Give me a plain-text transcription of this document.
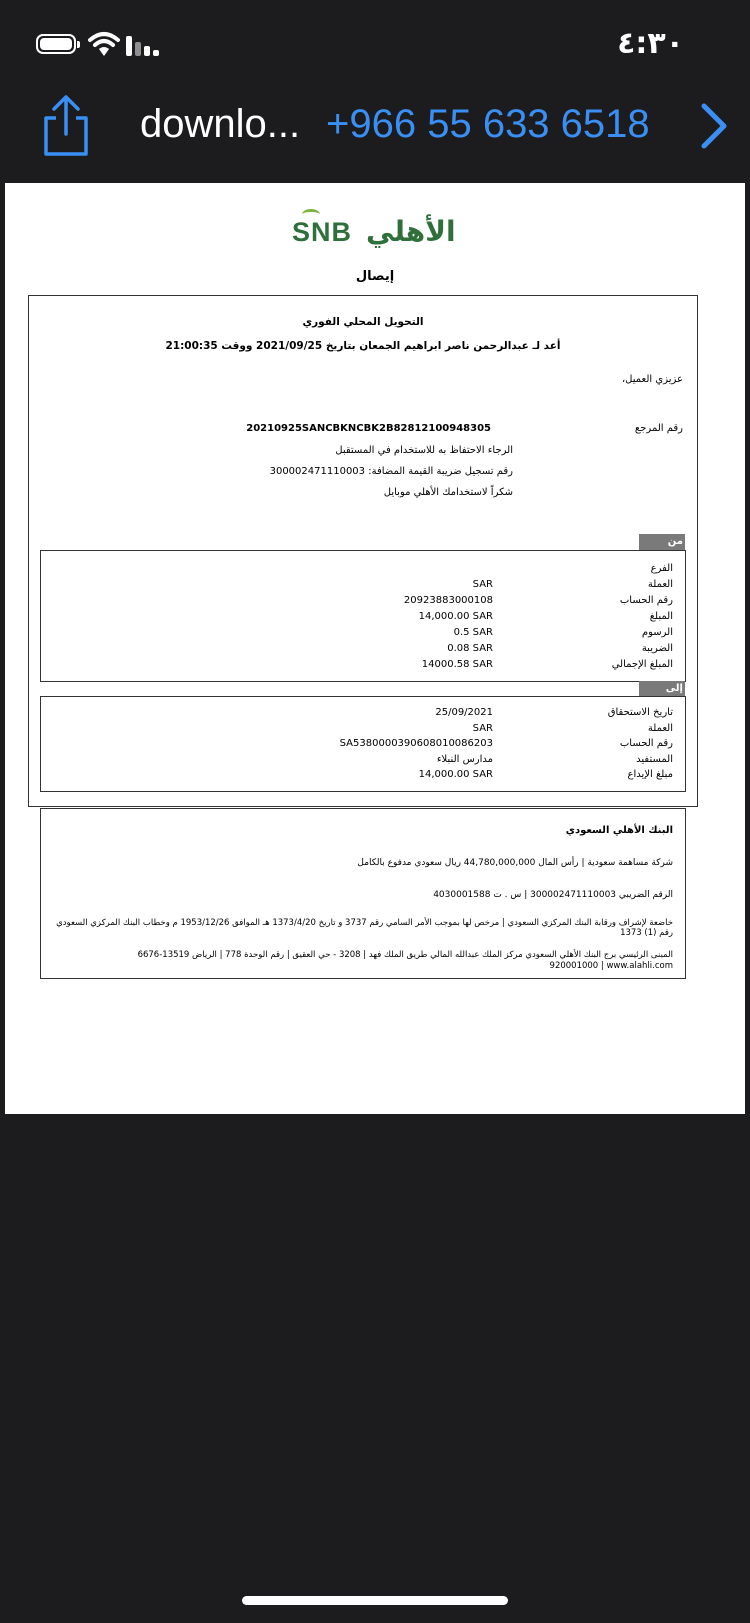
٤:٣٠
downlo... +966 55 633 6518
الأهلي
SNB
إيصال
التحويل المحلي الفوري
أعد لـ عبدالرحمن ناصر ابراهيم الجمعان بتاريخ 2021/09/25 ووقت 21:00:35
عزيزي العميل،
رقم المرجع
20210925SANCBKNCBK2B82812100948305
الرجاء الاحتفاظ به للاستخدام في المستقبل
رقم تسجيل ضريبة القيمة المضافة: 300002471110003
شكراً لاستخدامك الأهلي موبايل
من
الفرع
العملة
SAR
رقم الحساب
20923883000108
المبلغ
14,000.00 SAR
الرسوم
0.5 SAR
الضريبة
0.08 SAR
المبلغ الإجمالي
14000.58 SAR
إلى
تاريخ الاستحقاق
25/09/2021
العملة
SAR
رقم الحساب
SA5380000390608010086203
المستفيد
مدارس النبلاء
مبلغ الإيداع
14,000.00 SAR
البنك الأهلي السعودي
شركة مساهمة سعودية | رأس المال 44,780,000,000 ريال سعودي مدفوع بالكامل
الرقم الضريبي 300002471110003 | س . ت 4030001588
خاضعة لإشراف ورقابة البنك المركزي السعودي | مرخص لها بموجب الأمر السامي رقم 3737 و تاريخ 1373/4/20 هـ الموافق 1953/12/26 م وخطاب البنك المركزي السعودي
رقم (1) 1373
المبنى الرئيسي برج البنك الأهلي السعودي مركز الملك عبدالله المالي طريق الملك فهد | 3208 - حي العقيق | رقم الوحدة 778 | الرياض 13519-6676
920001000 | www.alahli.com
